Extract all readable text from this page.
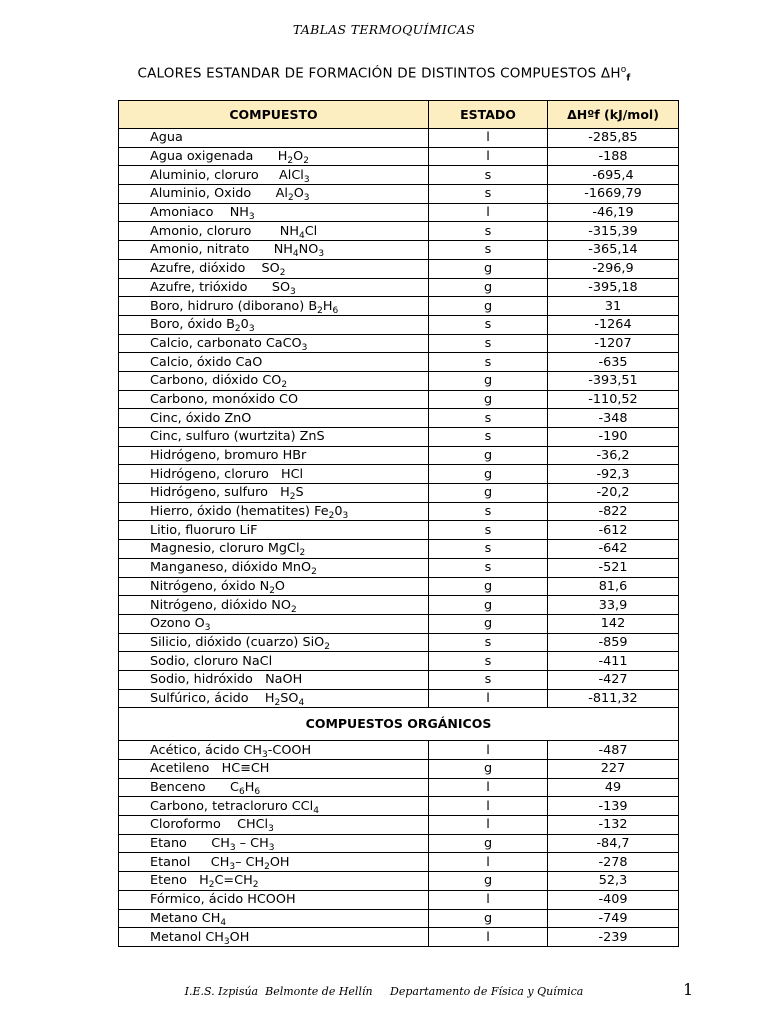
TABLAS TERMOQUÍMICAS
CALORES ESTANDAR DE FORMACIÓN DE DISTINTOS COMPUESTOS $\Delta H^o_f$
COMPUESTO	ESTADO	ΔHºf (kJ/mol)
Agua	l	-285,85
Agua oxigenada      $H_2O_2$	l	-188
Aluminio, cloruro     AlCl$_3$	s	-695,4
Aluminio, Oxido      $Al_2O_3$	s	-1669,79
Amoniaco    $NH_3$	l	-46,19
Amonio, cloruro       $NH_4Cl$	s	-315,39
Amonio, nitrato      $NH_4NO_3$	s	-365,14
Azufre, dióxido    $SO_2$	g	-296,9
Azufre, trióxido      $SO_3$	g	-395,18
Boro, hidruro (diborano) $B_2H_6$	g	31
Boro, óxido $B_20_3$	s	-1264
Calcio, carbonato CaCO$_3$	s	-1207
Calcio, óxido CaO	s	-635
Carbono, dióxido $CO_2$	g	-393,51
Carbono, monóxido CO	g	-110,52
Cinc, óxido ZnO	s	-348
Cinc, sulfuro (wurtzita) ZnS	s	-190
Hidrógeno, bromuro HBr	g	-36,2
Hidrógeno, cloruro   HCl	g	-92,3
Hidrógeno, sulfuro   $H_2S$	g	-20,2
Hierro, óxido (hematites) $Fe_20_3$	s	-822
Litio, fluoruro LiF	s	-612
Magnesio, cloruro MgCl$_2$	s	-642
Manganeso, dióxido MnO$_2$	s	-521
Nitrógeno, óxido $N_2O$	g	81,6
Nitrógeno, dióxido $NO_2$	g	33,9
Ozono $O_3$	g	142
Silicio, dióxido (cuarzo) SiO$_2$	s	-859
Sodio, cloruro NaCl	s	-411
Sodio, hidróxido   NaOH	s	-427
Sulfúrico, ácido    $H_2SO_4$	l	-811,32
COMPUESTOS ORGÁNICOS		
Acético, ácido $CH_3$-COOH	l	-487
Acetileno   HC≡CH	g	227
Benceno      $C_6H_6$	l	49
Carbono, tetracloruro CCl$_4$	l	-139
Cloroformo    CHCl$_3$	l	-132
Etano      $CH_3 - CH_3$	g	-84,7
Etanol     $CH_3-$ $CH_2OH$	l	-278
Eteno   $H_2C=CH_2$	g	52,3
Fórmico, ácido HCOOH	l	-409
Metano $CH_4$	g	-749
Metanol $CH_3OH$	l	-239
I.E.S. Izpisúa  Belmonte de Hellín     Departamento de Física y Química	1
